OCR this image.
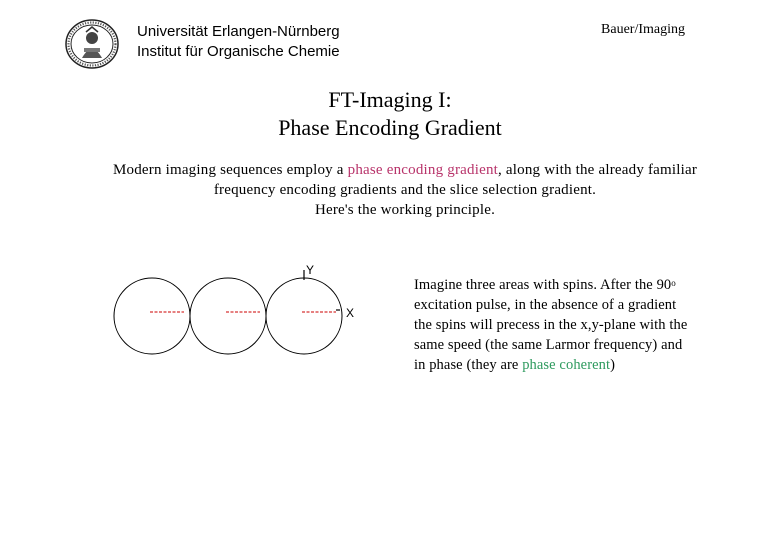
Universität Erlangen-Nürnberg
Institut für Organische Chemie
Bauer/Imaging
FT-Imaging I:
Phase Encoding Gradient
Modern imaging sequences employ a phase encoding gradient, along with the already familiar frequency encoding gradients and the slice selection gradient.
Here's the working principle.
Y
X
Imagine three areas with spins. After the 90$^o$ excitation pulse, in the absence of a gradient the spins will precess in the x,y-plane with the same speed (the same Larmor frequency) and in phase (they are phase coherent)
